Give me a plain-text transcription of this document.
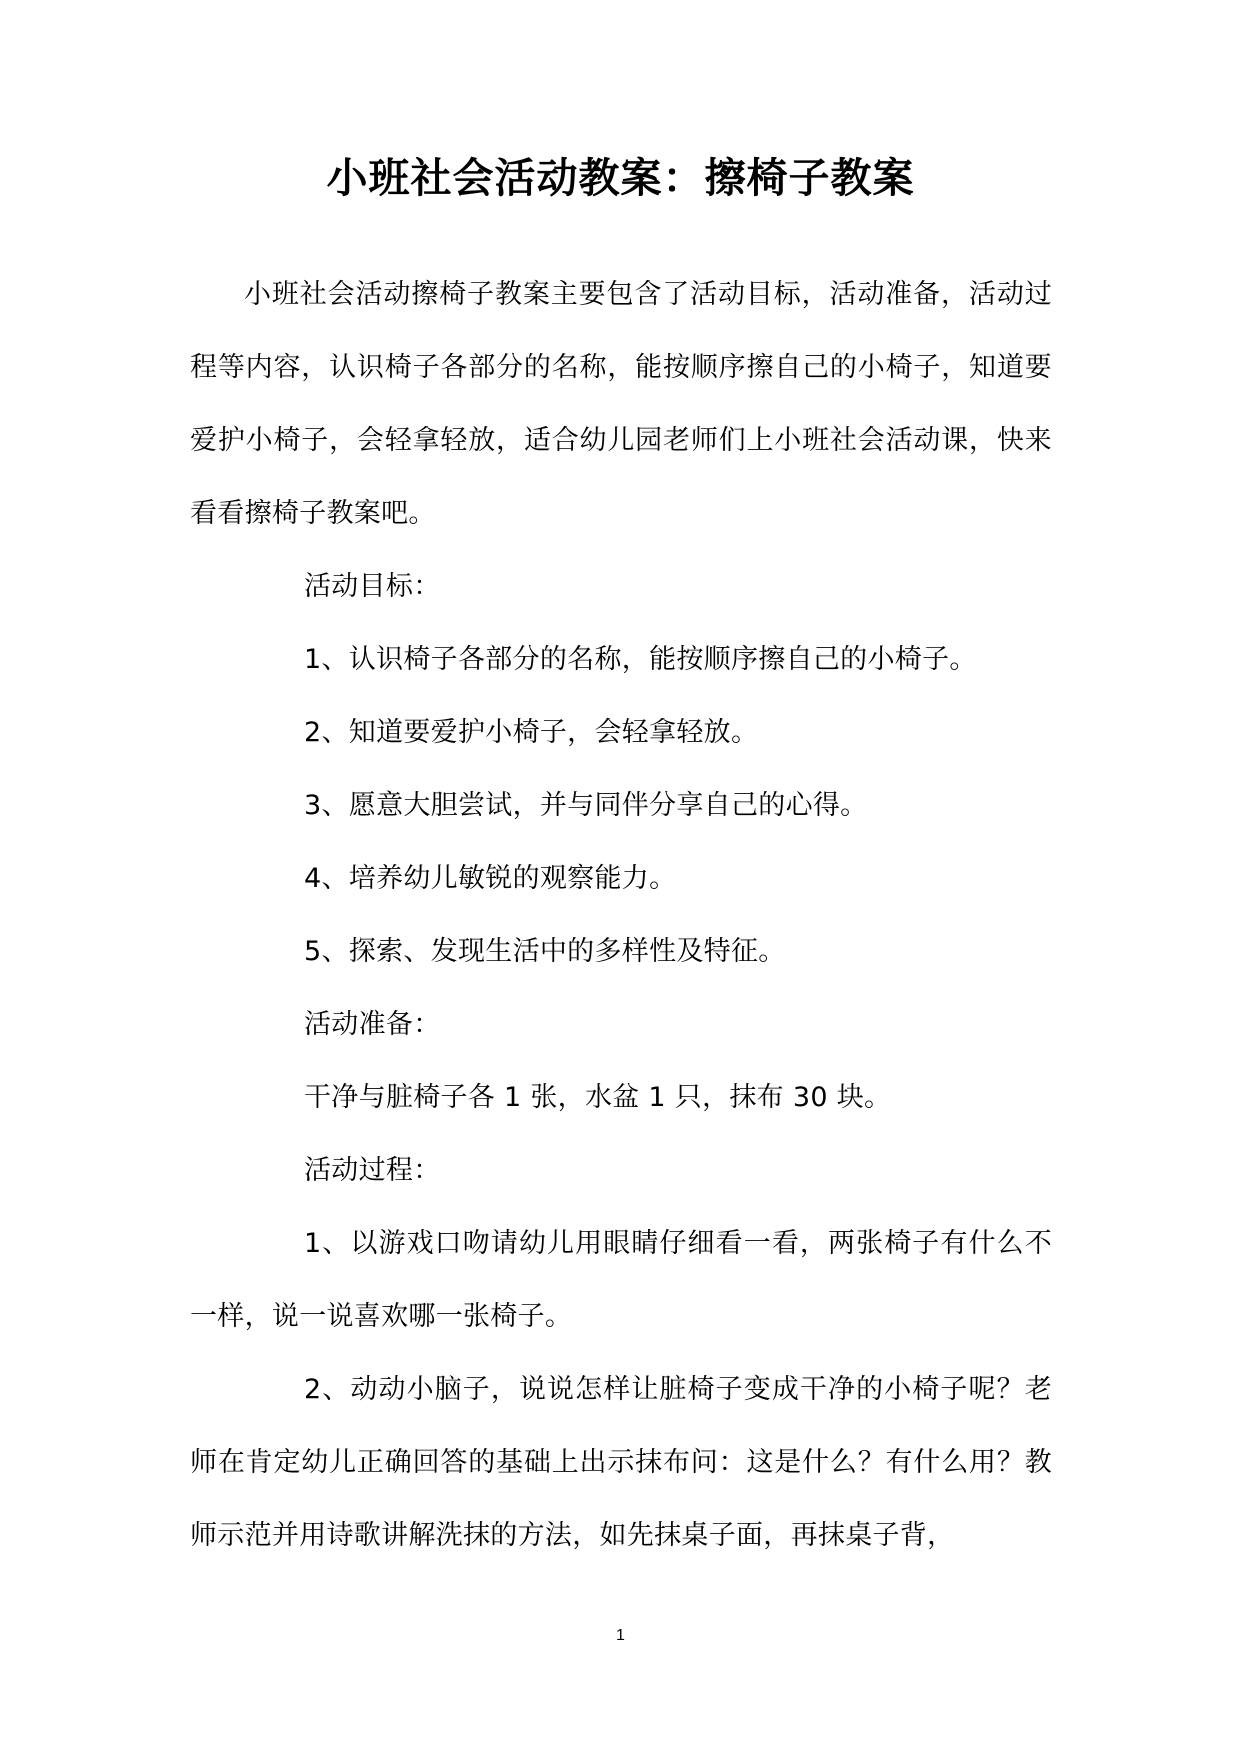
小班社会活动教案：擦椅子教案

小班社会活动擦椅子教案主要包含了活动目标，活动准备，活动过程等内容，认识椅子各部分的名称，能按顺序擦自己的小椅子，知道要爱护小椅子，会轻拿轻放，适合幼儿园老师们上小班社会活动课，快来看看擦椅子教案吧。

活动目标：

1、认识椅子各部分的名称，能按顺序擦自己的小椅子。

2、知道要爱护小椅子，会轻拿轻放。

3、愿意大胆尝试，并与同伴分享自己的心得。

4、培养幼儿敏锐的观察能力。

5、探索、发现生活中的多样性及特征。

活动准备：

干净与脏椅子各 1 张，水盆 1 只，抹布 30 块。

活动过程：

1、以游戏口吻请幼儿用眼睛仔细看一看，两张椅子有什么不一样，说一说喜欢哪一张椅子。

2、动动小脑子，说说怎样让脏椅子变成干净的小椅子呢？老师在肯定幼儿正确回答的基础上出示抹布问：这是什么？有什么用？教师示范并用诗歌讲解洗抹的方法，如先抹桌子面，再抹桌子背，

1
